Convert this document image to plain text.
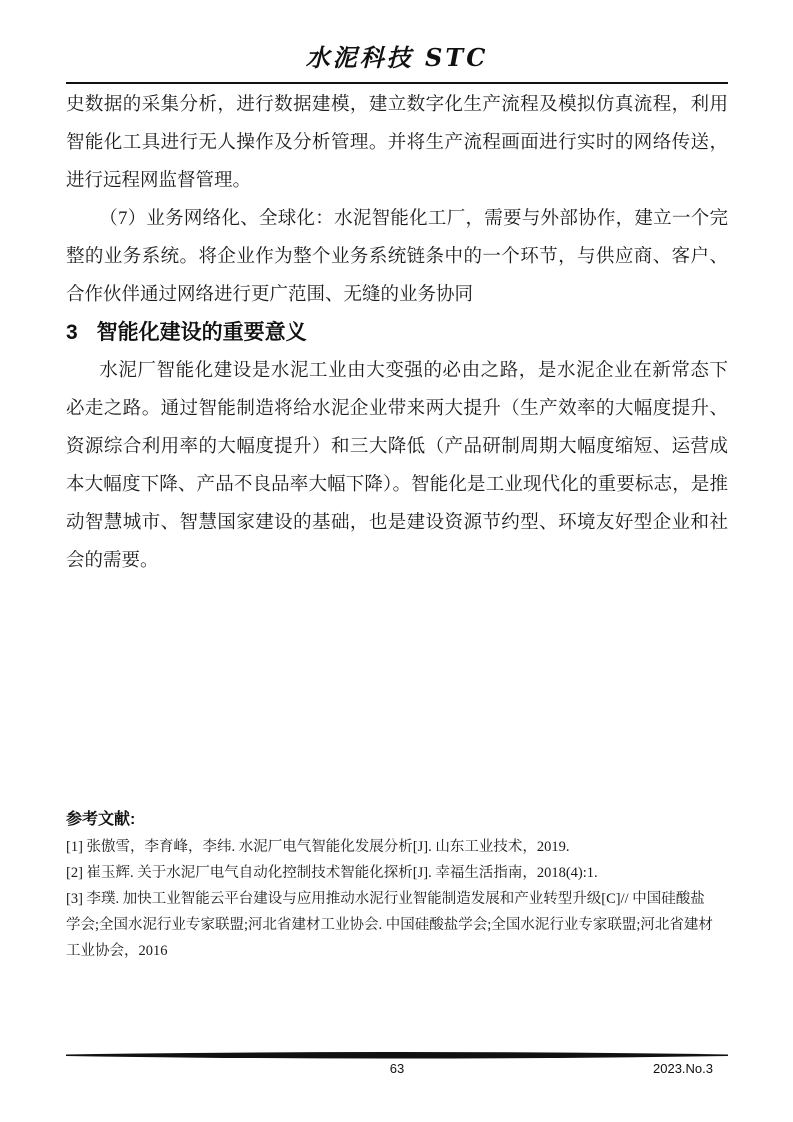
水泥科技 STC
史数据的采集分析，进行数据建模，建立数字化生产流程及模拟仿真流程，利用
智能化工具进行无人操作及分析管理。并将生产流程画面进行实时的网络传送，
进行远程网监督管理。
（7）业务网络化、全球化：水泥智能化工厂，需要与外部协作，建立一个完
整的业务系统。将企业作为整个业务系统链条中的一个环节，与供应商、客户、
合作伙伴通过网络进行更广范围、无缝的业务协同
3 智能化建设的重要意义
水泥厂智能化建设是水泥工业由大变强的必由之路，是水泥企业在新常态下
必走之路。通过智能制造将给水泥企业带来两大提升（生产效率的大幅度提升、
资源综合利用率的大幅度提升）和三大降低（产品研制周期大幅度缩短、运营成
本大幅度下降、产品不良品率大幅下降）。智能化是工业现代化的重要标志，是推
动智慧城市、智慧国家建设的基础，也是建设资源节约型、环境友好型企业和社
会的需要。
参考文献:
[1] 张傲雪，李育峰，李纬. 水泥厂电气智能化发展分析[J]. 山东工业技术，2019.
[2] 崔玉辉. 关于水泥厂电气自动化控制技术智能化探析[J]. 幸福生活指南，2018(4):1.
[3] 李璞. 加快工业智能云平台建设与应用推动水泥行业智能制造发展和产业转型升级[C]// 中国硅酸盐
学会;全国水泥行业专家联盟;河北省建材工业协会. 中国硅酸盐学会;全国水泥行业专家联盟;河北省建材
工业协会，2016
63	2023.No.3
